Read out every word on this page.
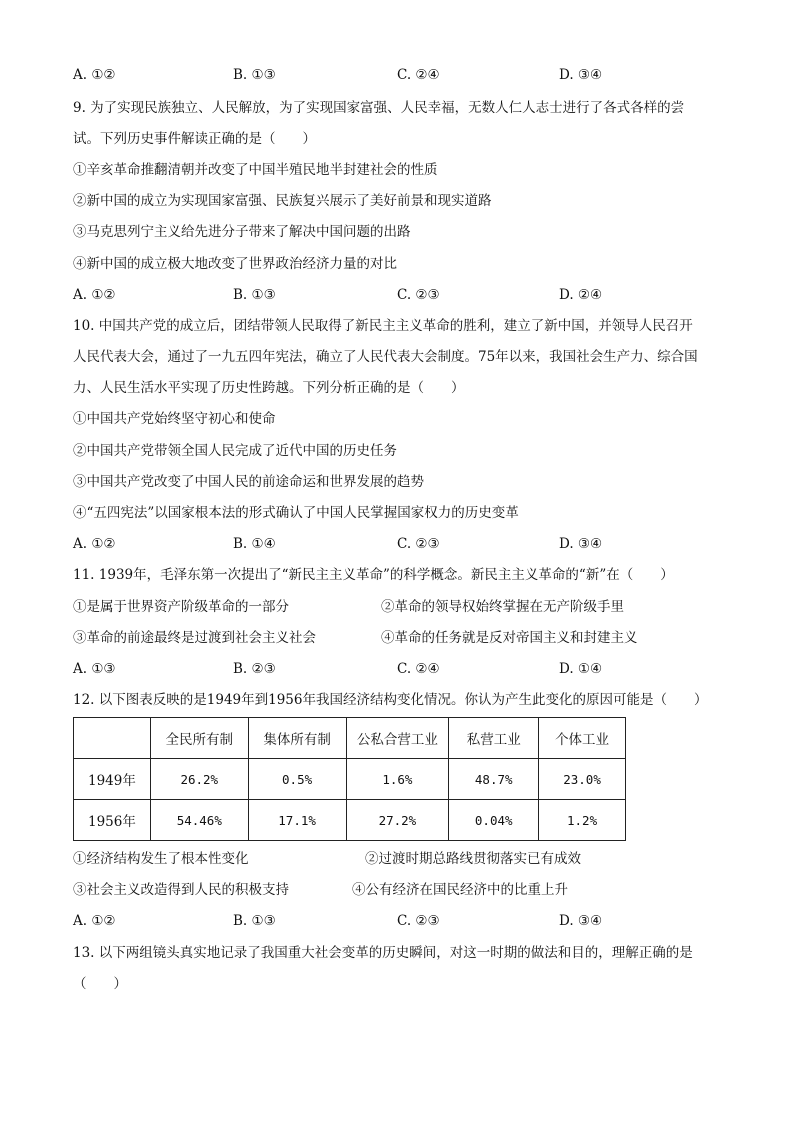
A. ①②	B. ①③	C. ②④	D. ③④
9. 为了实现民族独立、人民解放，为了实现国家富强、人民幸福，无数人仁人志士进行了各式各样的尝
试。下列历史事件解读正确的是（　　）
①辛亥革命推翻清朝并改变了中国半殖民地半封建社会的性质
②新中国的成立为实现国家富强、民族复兴展示了美好前景和现实道路
③马克思列宁主义给先进分子带来了解决中国问题的出路
④新中国的成立极大地改变了世界政治经济力量的对比
A. ①②	B. ①③	C. ②③	D. ②④
10. 中国共产党的成立后，团结带领人民取得了新民主主义革命的胜利，建立了新中国，并领导人民召开
人民代表大会，通过了一九五四年宪法，确立了人民代表大会制度。75年以来，我国社会生产力、综合国
力、人民生活水平实现了历史性跨越。下列分析正确的是（　　）
①中国共产党始终坚守初心和使命
②中国共产党带领全国人民完成了近代中国的历史任务
③中国共产党改变了中国人民的前途命运和世界发展的趋势
④“五四宪法”以国家根本法的形式确认了中国人民掌握国家权力的历史变革
A. ①②	B. ①④	C. ②③	D. ③④
11. 1939年，毛泽东第一次提出了“新民主主义革命”的科学概念。新民主主义革命的“新”在（　　）
①是属于世界资产阶级革命的一部分	②革命的领导权始终掌握在无产阶级手里
③革命的前途最终是过渡到社会主义社会	④革命的任务就是反对帝国主义和封建主义
A. ①③	B. ②③	C. ②④	D. ①④
12. 以下图表反映的是1949年到1956年我国经济结构变化情况。你认为产生此变化的原因可能是（　　）
	全民所有制	集体所有制	公私合营工业	私营工业	个体工业
1949年	26.2%	0.5%	1.6%	48.7%	23.0%
1956年	54.46%	17.1%	27.2%	0.04%	1.2%
①经济结构发生了根本性变化	②过渡时期总路线贯彻落实已有成效
③社会主义改造得到人民的积极支持	④公有经济在国民经济中的比重上升
A. ①②	B. ①③	C. ②③	D. ③④
13. 以下两组镜头真实地记录了我国重大社会变革的历史瞬间，对这一时期的做法和目的，理解正确的是
（　　）
